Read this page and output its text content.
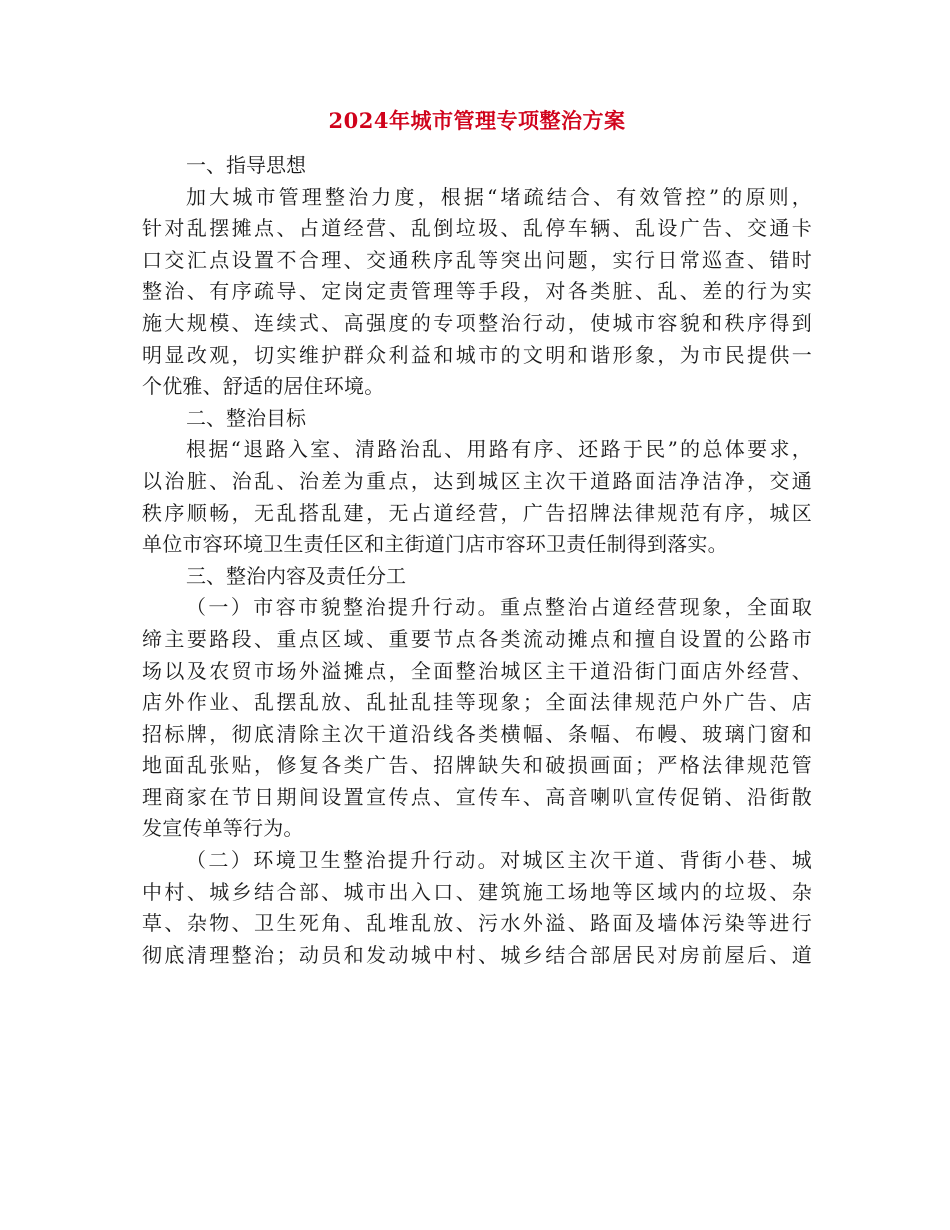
2024年城市管理专项整治方案
一、指导思想
加大城市管理整治力度，根据“堵疏结合、有效管控”的原则，
针对乱摆摊点、占道经营、乱倒垃圾、乱停车辆、乱设广告、交通卡
口交汇点设置不合理、交通秩序乱等突出问题，实行日常巡查、错时
整治、有序疏导、定岗定责管理等手段，对各类脏、乱、差的行为实
施大规模、连续式、高强度的专项整治行动，使城市容貌和秩序得到
明显改观，切实维护群众利益和城市的文明和谐形象，为市民提供一
个优雅、舒适的居住环境。
二、整治目标
根据“退路入室、清路治乱、用路有序、还路于民”的总体要求，
以治脏、治乱、治差为重点，达到城区主次干道路面洁净洁净，交通
秩序顺畅，无乱搭乱建，无占道经营，广告招牌法律规范有序，城区
单位市容环境卫生责任区和主街道门店市容环卫责任制得到落实。
三、整治内容及责任分工
（一）市容市貌整治提升行动。重点整治占道经营现象，全面取
缔主要路段、重点区域、重要节点各类流动摊点和擅自设置的公路市
场以及农贸市场外溢摊点，全面整治城区主干道沿街门面店外经营、
店外作业、乱摆乱放、乱扯乱挂等现象；全面法律规范户外广告、店
招标牌，彻底清除主次干道沿线各类横幅、条幅、布幔、玻璃门窗和
地面乱张贴，修复各类广告、招牌缺失和破损画面；严格法律规范管
理商家在节日期间设置宣传点、宣传车、高音喇叭宣传促销、沿街散
发宣传单等行为。
（二）环境卫生整治提升行动。对城区主次干道、背街小巷、城
中村、城乡结合部、城市出入口、建筑施工场地等区域内的垃圾、杂
草、杂物、卫生死角、乱堆乱放、污水外溢、路面及墙体污染等进行
彻底清理整治；动员和发动城中村、城乡结合部居民对房前屋后、道
